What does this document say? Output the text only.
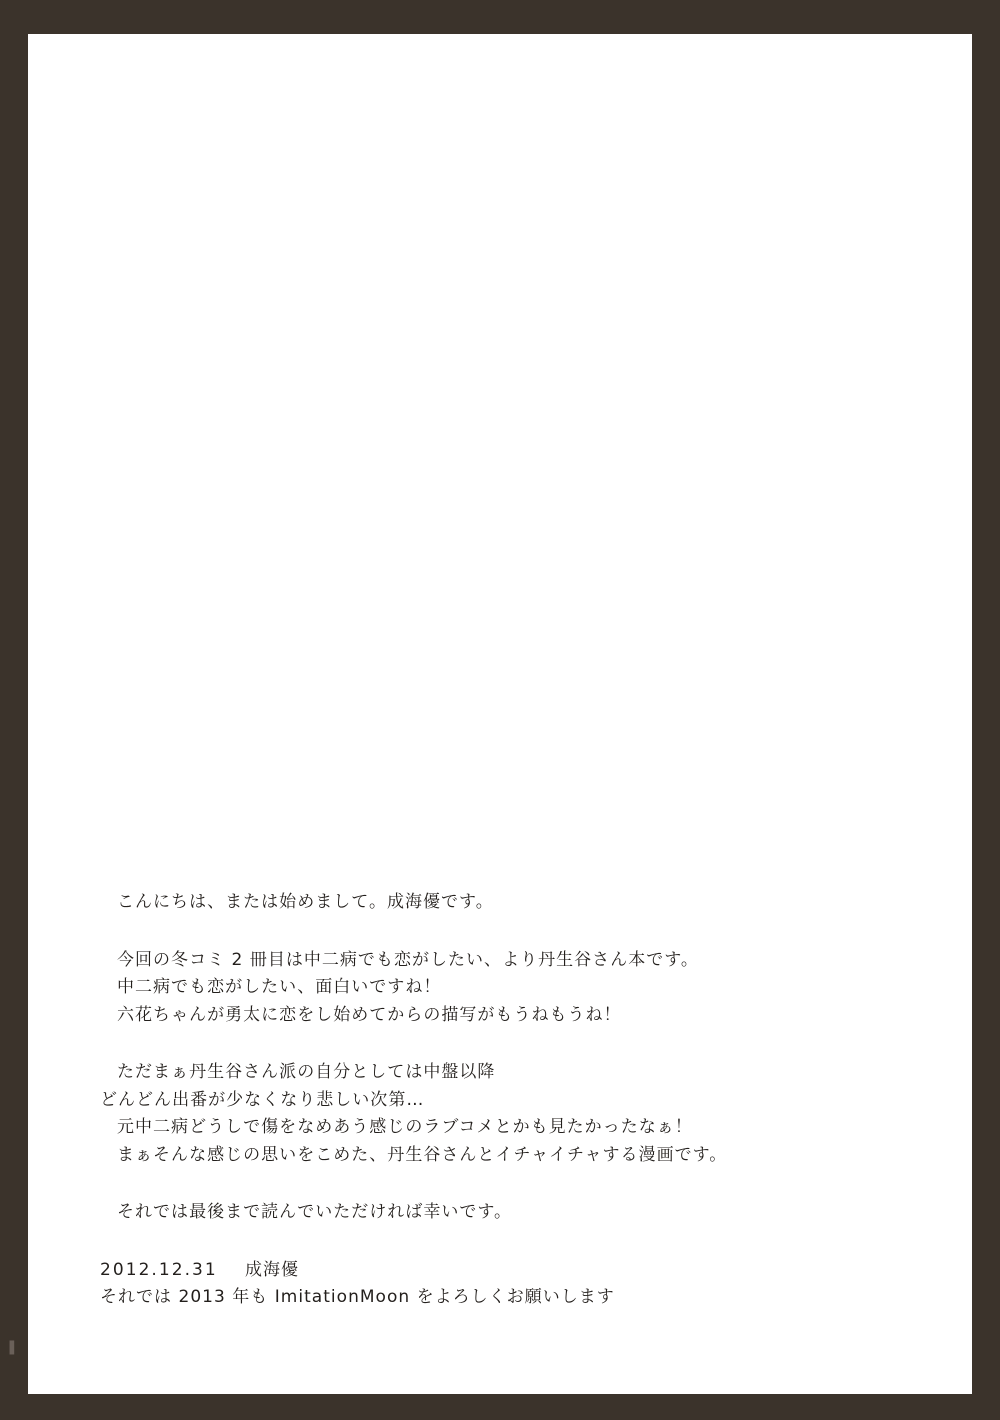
こんにちは、または始めまして。成海優です。

今回の冬コミ 2 冊目は中二病でも恋がしたい、より丹生谷さん本です。
中二病でも恋がしたい、面白いですね！
六花ちゃんが勇太に恋をし始めてからの描写がもうねもうね！

ただまぁ丹生谷さん派の自分としては中盤以降
どんどん出番が少なくなり悲しい次第…
元中二病どうしで傷をなめあう感じのラブコメとかも見たかったなぁ！
まぁそんな感じの思いをこめた、丹生谷さんとイチャイチャする漫画です。

それでは最後まで読んでいただければ幸いです。

2012.12.31 成海優
それでは 2013 年も ImitationMoon をよろしくお願いします
❚
